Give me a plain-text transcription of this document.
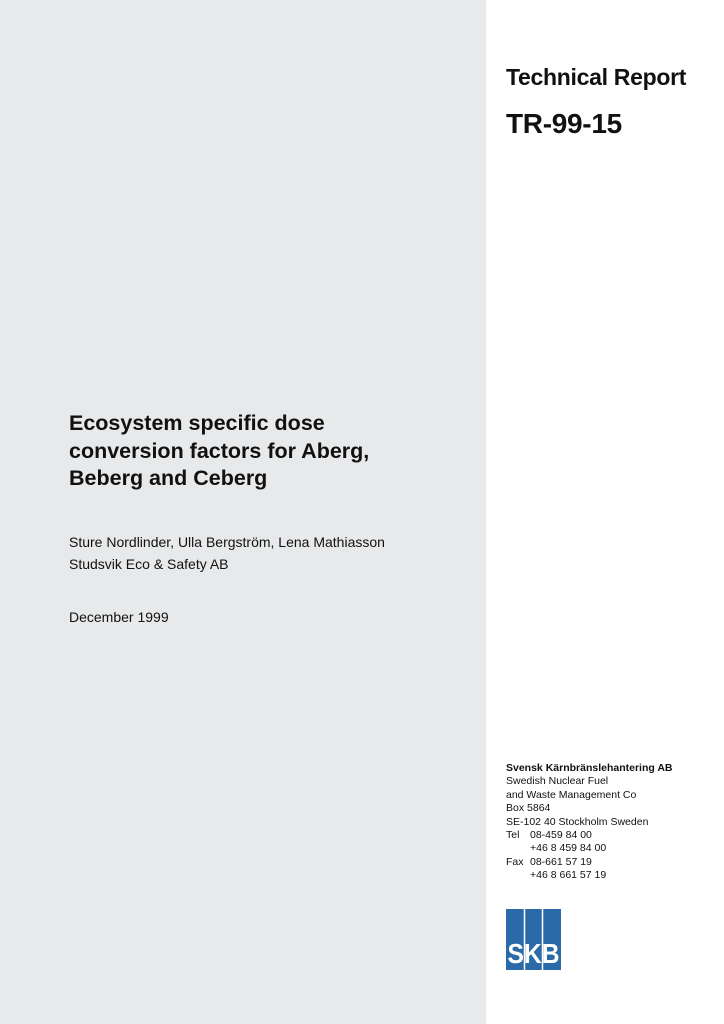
Technical Report
TR-99-15
Ecosystem specific dose
conversion factors for Aberg,
Beberg and Ceberg
Sture Nordlinder, Ulla Bergström, Lena Mathiasson
Studsvik Eco & Safety AB
December 1999
Svensk Kärnbränslehantering AB
Swedish Nuclear Fuel
and Waste Management Co
Box 5864
SE-102 40 Stockholm Sweden
Tel	08-459 84 00
+46 8 459 84 00
Fax 08-661 57 19
+46 8 661 57 19
SKB
